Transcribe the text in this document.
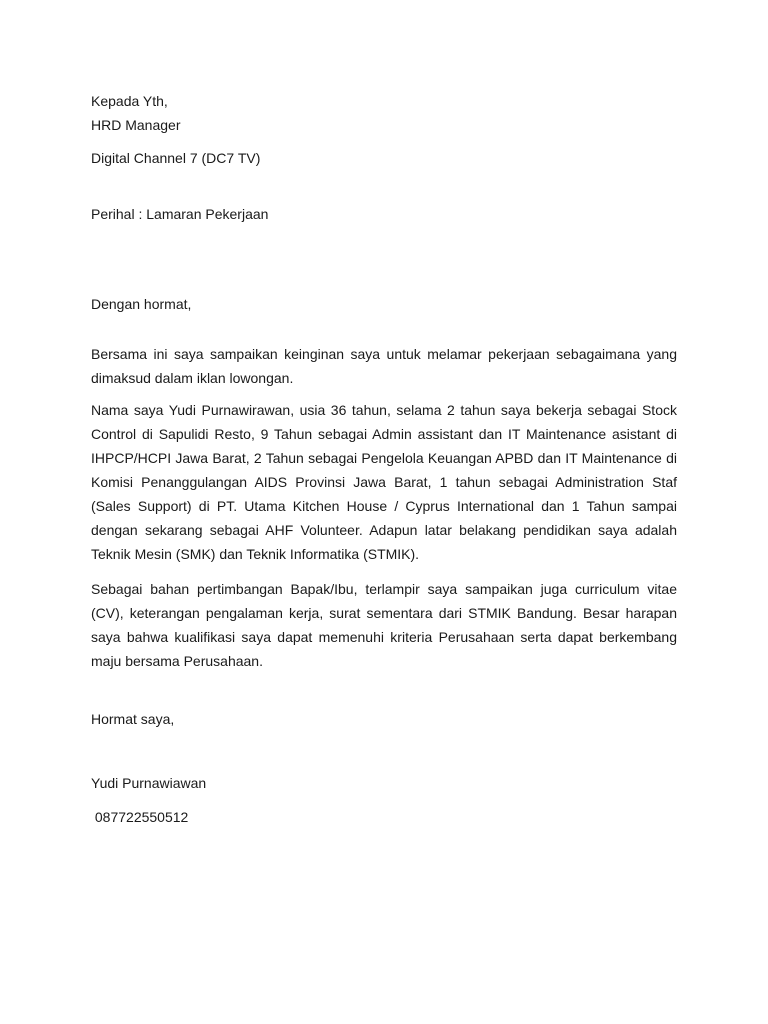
Kepada Yth,
HRD Manager
Digital Channel 7 (DC7 TV)
Perihal : Lamaran Pekerjaan
Dengan hormat,
Bersama ini saya sampaikan keinginan saya untuk melamar pekerjaan sebagaimana yang dimaksud dalam iklan lowongan.
Nama saya Yudi Purnawirawan, usia 36 tahun, selama 2 tahun saya bekerja sebagai Stock Control di Sapulidi Resto, 9 Tahun sebagai Admin assistant dan IT Maintenance asistant di IHPCP/HCPI Jawa Barat, 2 Tahun sebagai Pengelola Keuangan APBD dan IT Maintenance di Komisi Penanggulangan AIDS Provinsi Jawa Barat, 1 tahun sebagai Administration Staf (Sales Support) di PT. Utama Kitchen House / Cyprus International dan 1 Tahun sampai dengan sekarang sebagai AHF Volunteer. Adapun latar belakang pendidikan saya adalah Teknik Mesin (SMK) dan Teknik Informatika (STMIK).
Sebagai bahan pertimbangan Bapak/Ibu, terlampir saya sampaikan juga curriculum vitae (CV), keterangan pengalaman kerja, surat sementara dari STMIK Bandung. Besar harapan saya bahwa kualifikasi saya dapat memenuhi kriteria Perusahaan serta dapat berkembang maju bersama Perusahaan.
Hormat saya,
Yudi Purnawiawan
087722550512
